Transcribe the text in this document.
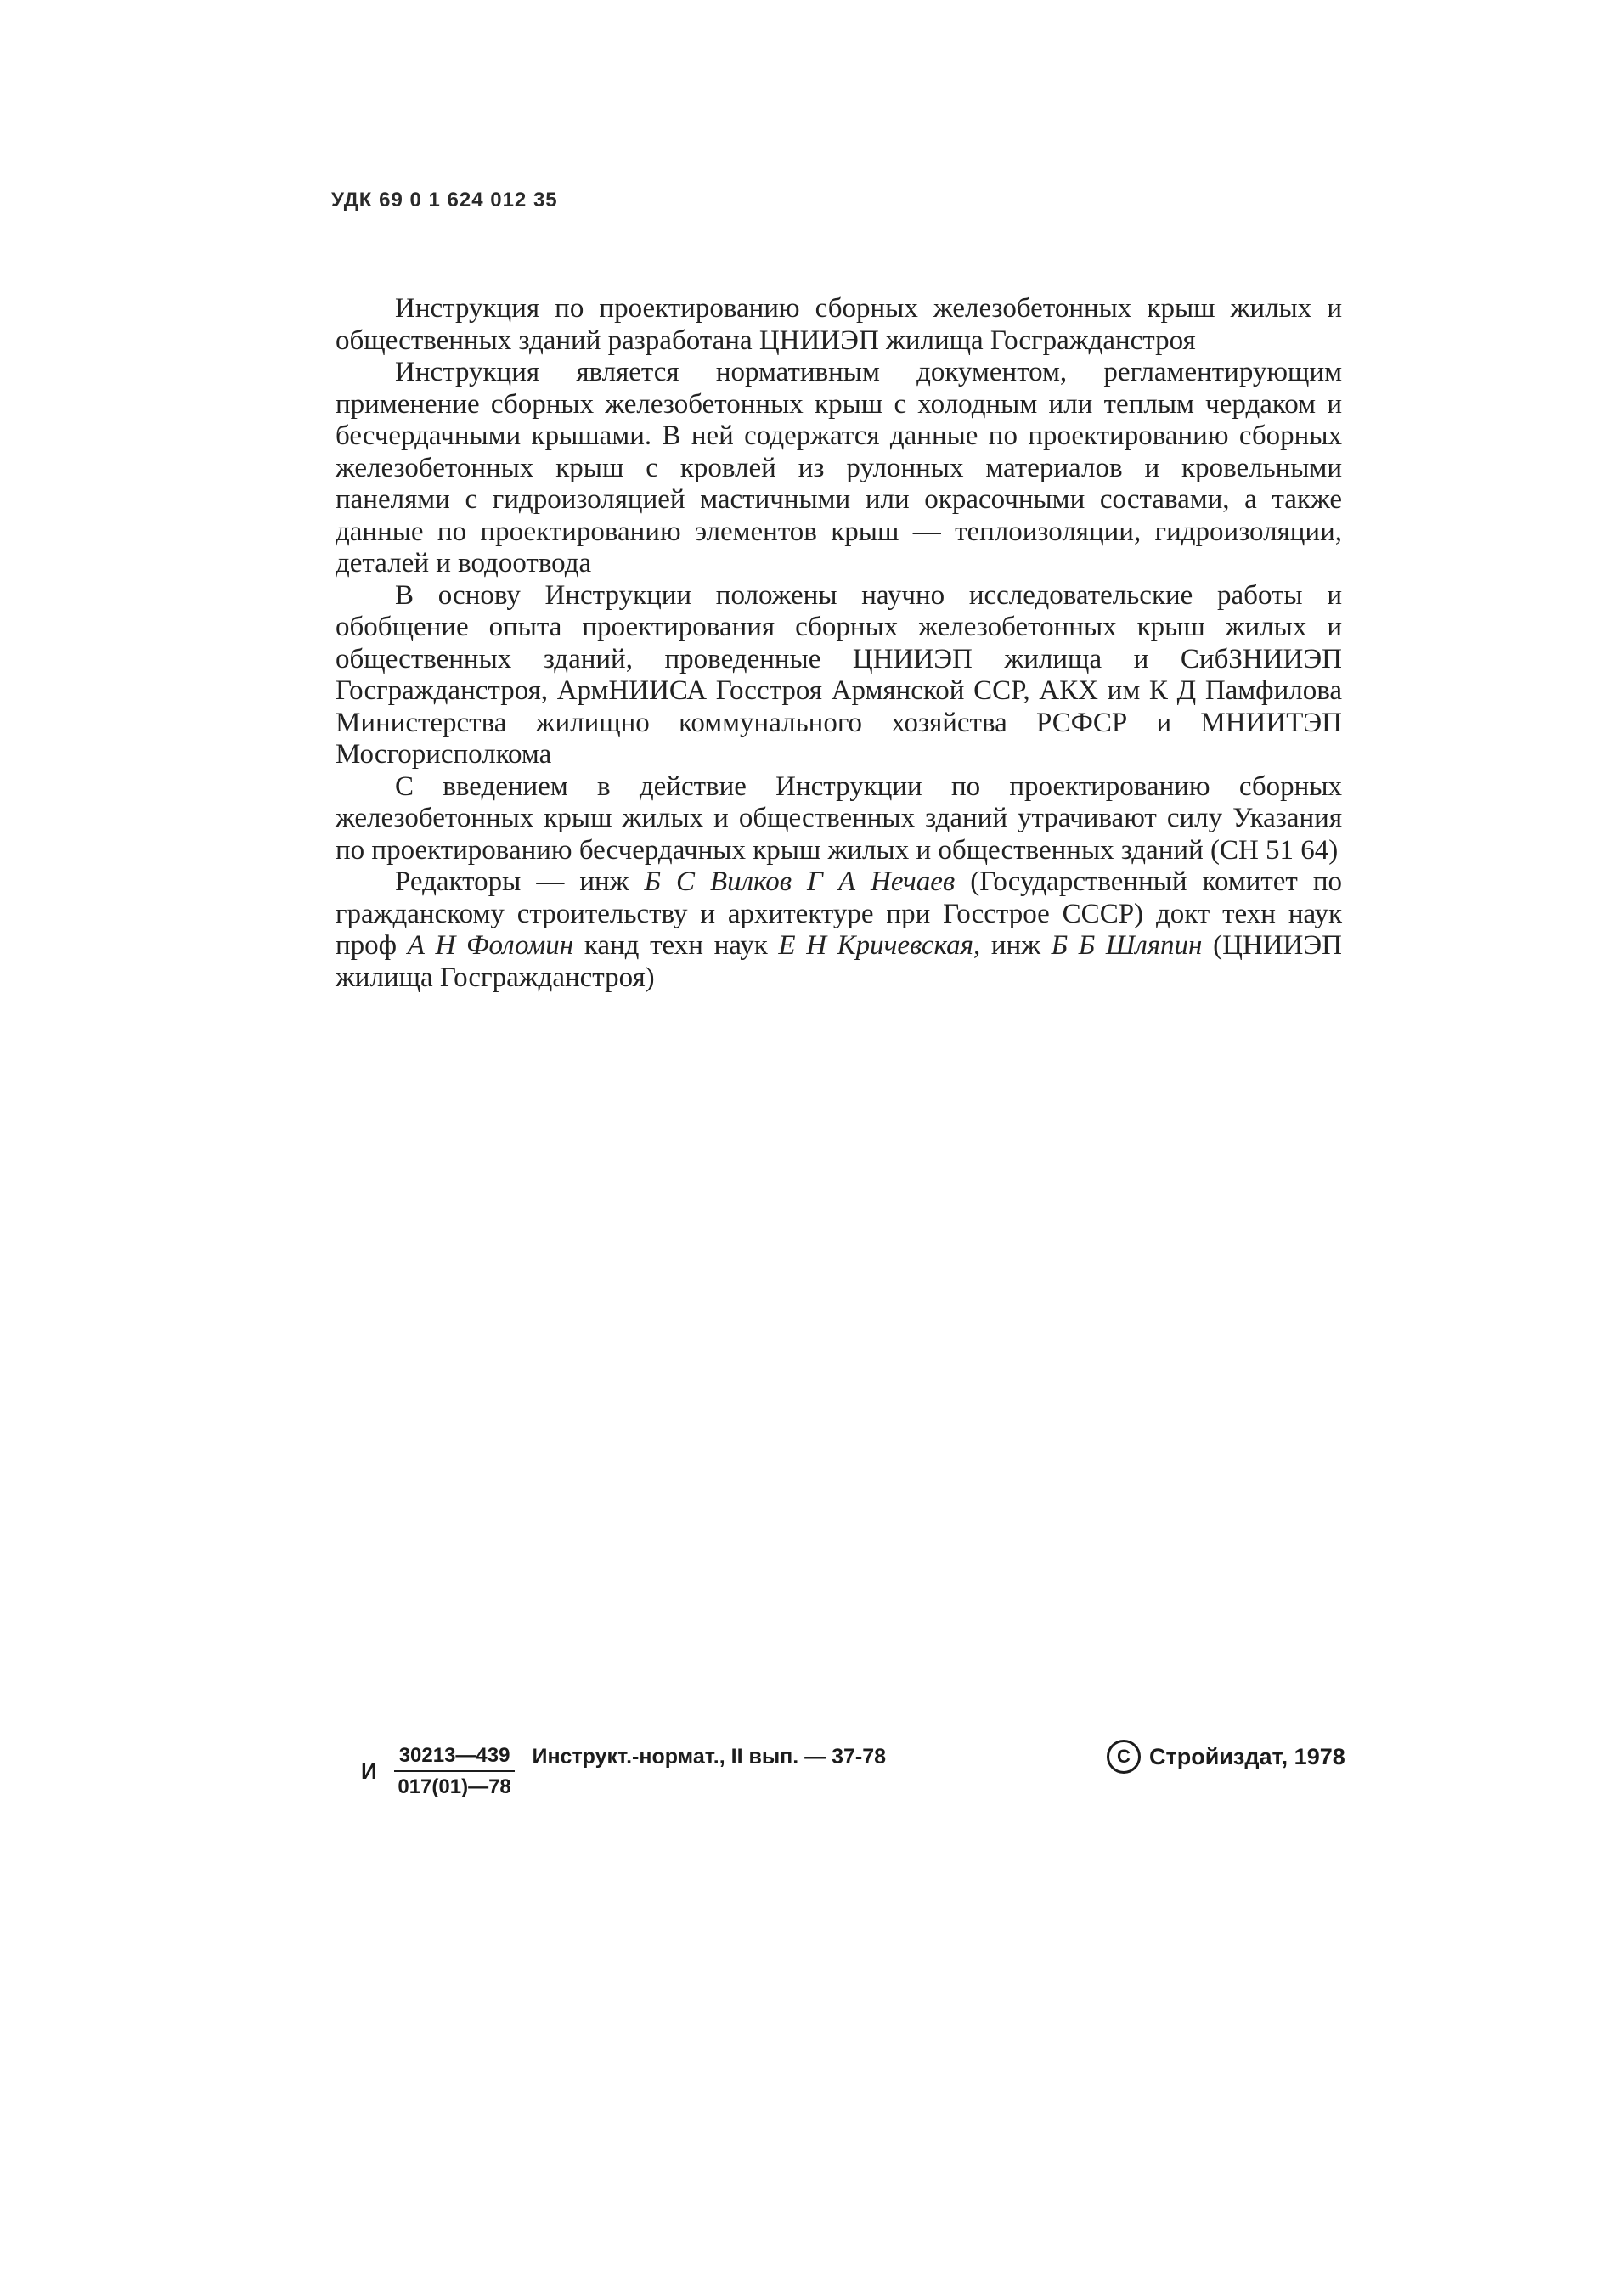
УДК 69 0 1 624 012 35

Инструкция по проектированию сборных железобетонных крыш жилых и общественных зданий разработана ЦНИИЭП жилища Госгражданстроя

Инструкция является нормативным документом, регламентирующим применение сборных железобетонных крыш с холодным или теплым чердаком и бесчердачными крышами. В ней содержатся данные по проектированию сборных железобетонных крыш с кровлей из рулонных материалов и кровельными панелями с гидроизоляцией мастичными или окрасочными составами, а также данные по проектированию элементов крыш — теплоизоляции, гидроизоляции, деталей и водоотвода

В основу Инструкции положены научно исследовательские работы и обобщение опыта проектирования сборных железобетонных крыш жилых и общественных зданий, проведенные ЦНИИЭП жилища и СибЗНИИЭП Госгражданстроя, АрмНИИСА Госстроя Армянской ССР, АКХ им К Д Памфилова Министерства жилищно коммунального хозяйства РСФСР и МНИИТЭП Мосгорисполкома

С введением в действие Инструкции по проектированию сборных железобетонных крыш жилых и общественных зданий утрачивают силу Указания по проектированию бесчердачных крыш жилых и общественных зданий (СН 51 64)

Редакторы — инж Б С Вилков Г А Нечаев (Государственный комитет по гражданскому строительству и архитектуре при Госстрое СССР) докт техн наук проф А Н Фоломин канд техн наук Е Н Кричевская, инж Б Б Шляпин (ЦНИИЭП жилища Госгражданстроя)

И $\frac{30213—439}{017(01)—78}$ Инструкт.-нормат., II вып. — 37-78	C Стройиздат, 1978
